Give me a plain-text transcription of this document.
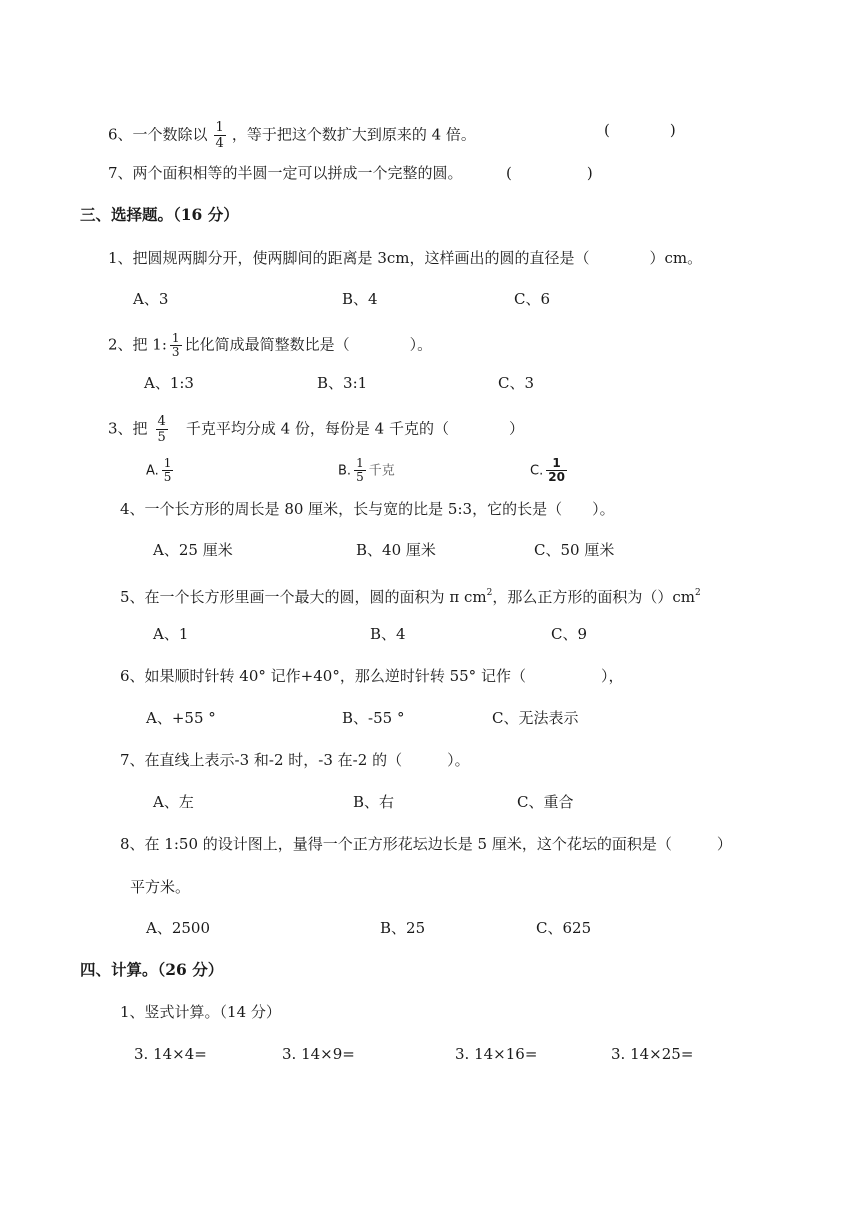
6、一个数除以 $\frac{1}{4}$ ，等于把这个数扩大到原来的 4 倍。	(　　　　)
7、两个面积相等的半圆一定可以拼成一个完整的圆。	(　　　　　)
三、选择题。（16 分）
1、把圆规两脚分开，使两脚间的距离是 3cm，这样画出的圆的直径是（　　　　）cm。
A、3	B、4	C、6
2、把 1: $\frac{1}{3}$ 比化简成最简整数比是（　　　　）。
A、1:3	B、3:1	C、3
3、把 $\frac{4}{5}$ 千克平均分成 4 份，每份是 4 千克的（　　　　）
A. $\frac{1}{5}$	B. $\frac{1}{5}$ 千克	C. $\frac{1}{20}$
4、一个长方形的周长是 80 厘米，长与宽的比是 5:3，它的长是（　　）。
A、25 厘米	B、40 厘米	C、50 厘米
5、在一个长方形里画一个最大的圆，圆的面积为 π $cm^2$，那么正方形的面积为$()cm^2$
A、1	B、4	C、9
6、如果顺时针转 40° 记作+40°，那么逆时针转 55° 记作（　　　　　），
A、+55 °	B、-55 °	C、无法表示
7、在直线上表示-3 和-2 时，-3 在-2 的（　　　）。
A、左	B、右	C、重合
8、在 1:50 的设计图上，量得一个正方形花坛边长是 5 厘米，这个花坛的面积是（　　　）
平方米。
A、2500	B、25	C、625
四、计算。（26 分）
1、竖式计算。（14 分）
3. 14×4=	3. 14×9=	3. 14×16=	3. 14×25=
